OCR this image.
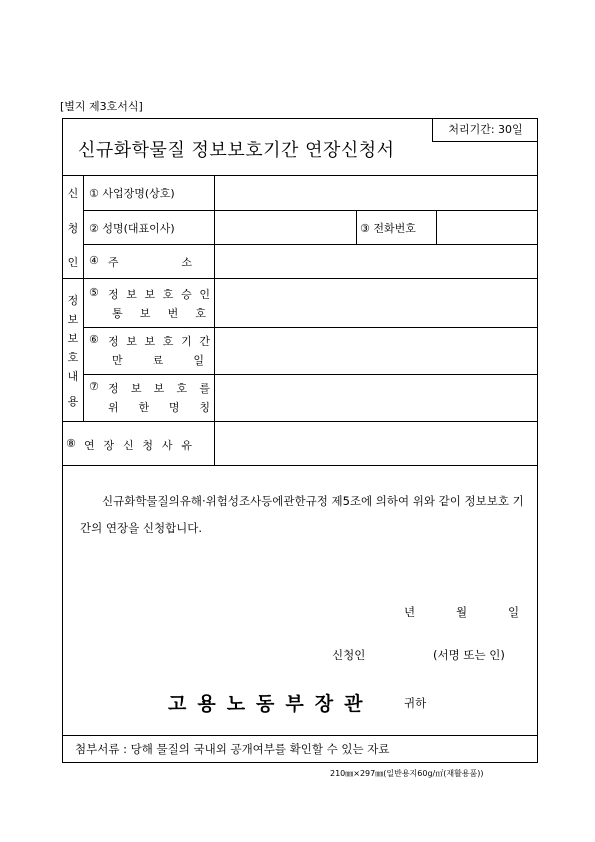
[별지 제3호서식]
신규화학물질 정보보호기간 연장신청서
처리기간: 30일
신
청
인
① 사업장명(상호)
② 성명(대표이사)	③ 전화번호
④ 주	소
정
보
보
호
내
용
⑤ 정 보 보 호 승 인
통 보 번 호
⑥ 정 보 보 호 기 간
만	료	일
⑦ 정 보 보 호 를
위 한 명 칭
⑧ 연 장 신 청 사 유
신규화학물질의유해·위험성조사등에관한규정 제5조에 의하여 위와 같이 정보보호 기간의 연장을 신청합니다.
년	월	일
신청인	(서명 또는 인)
고용노동부장관	귀하
첨부서류 : 당해 물질의 국내외 공개여부를 확인할 수 있는 자료
210㎜×297㎜(일반용지60g/㎡(재활용품))
